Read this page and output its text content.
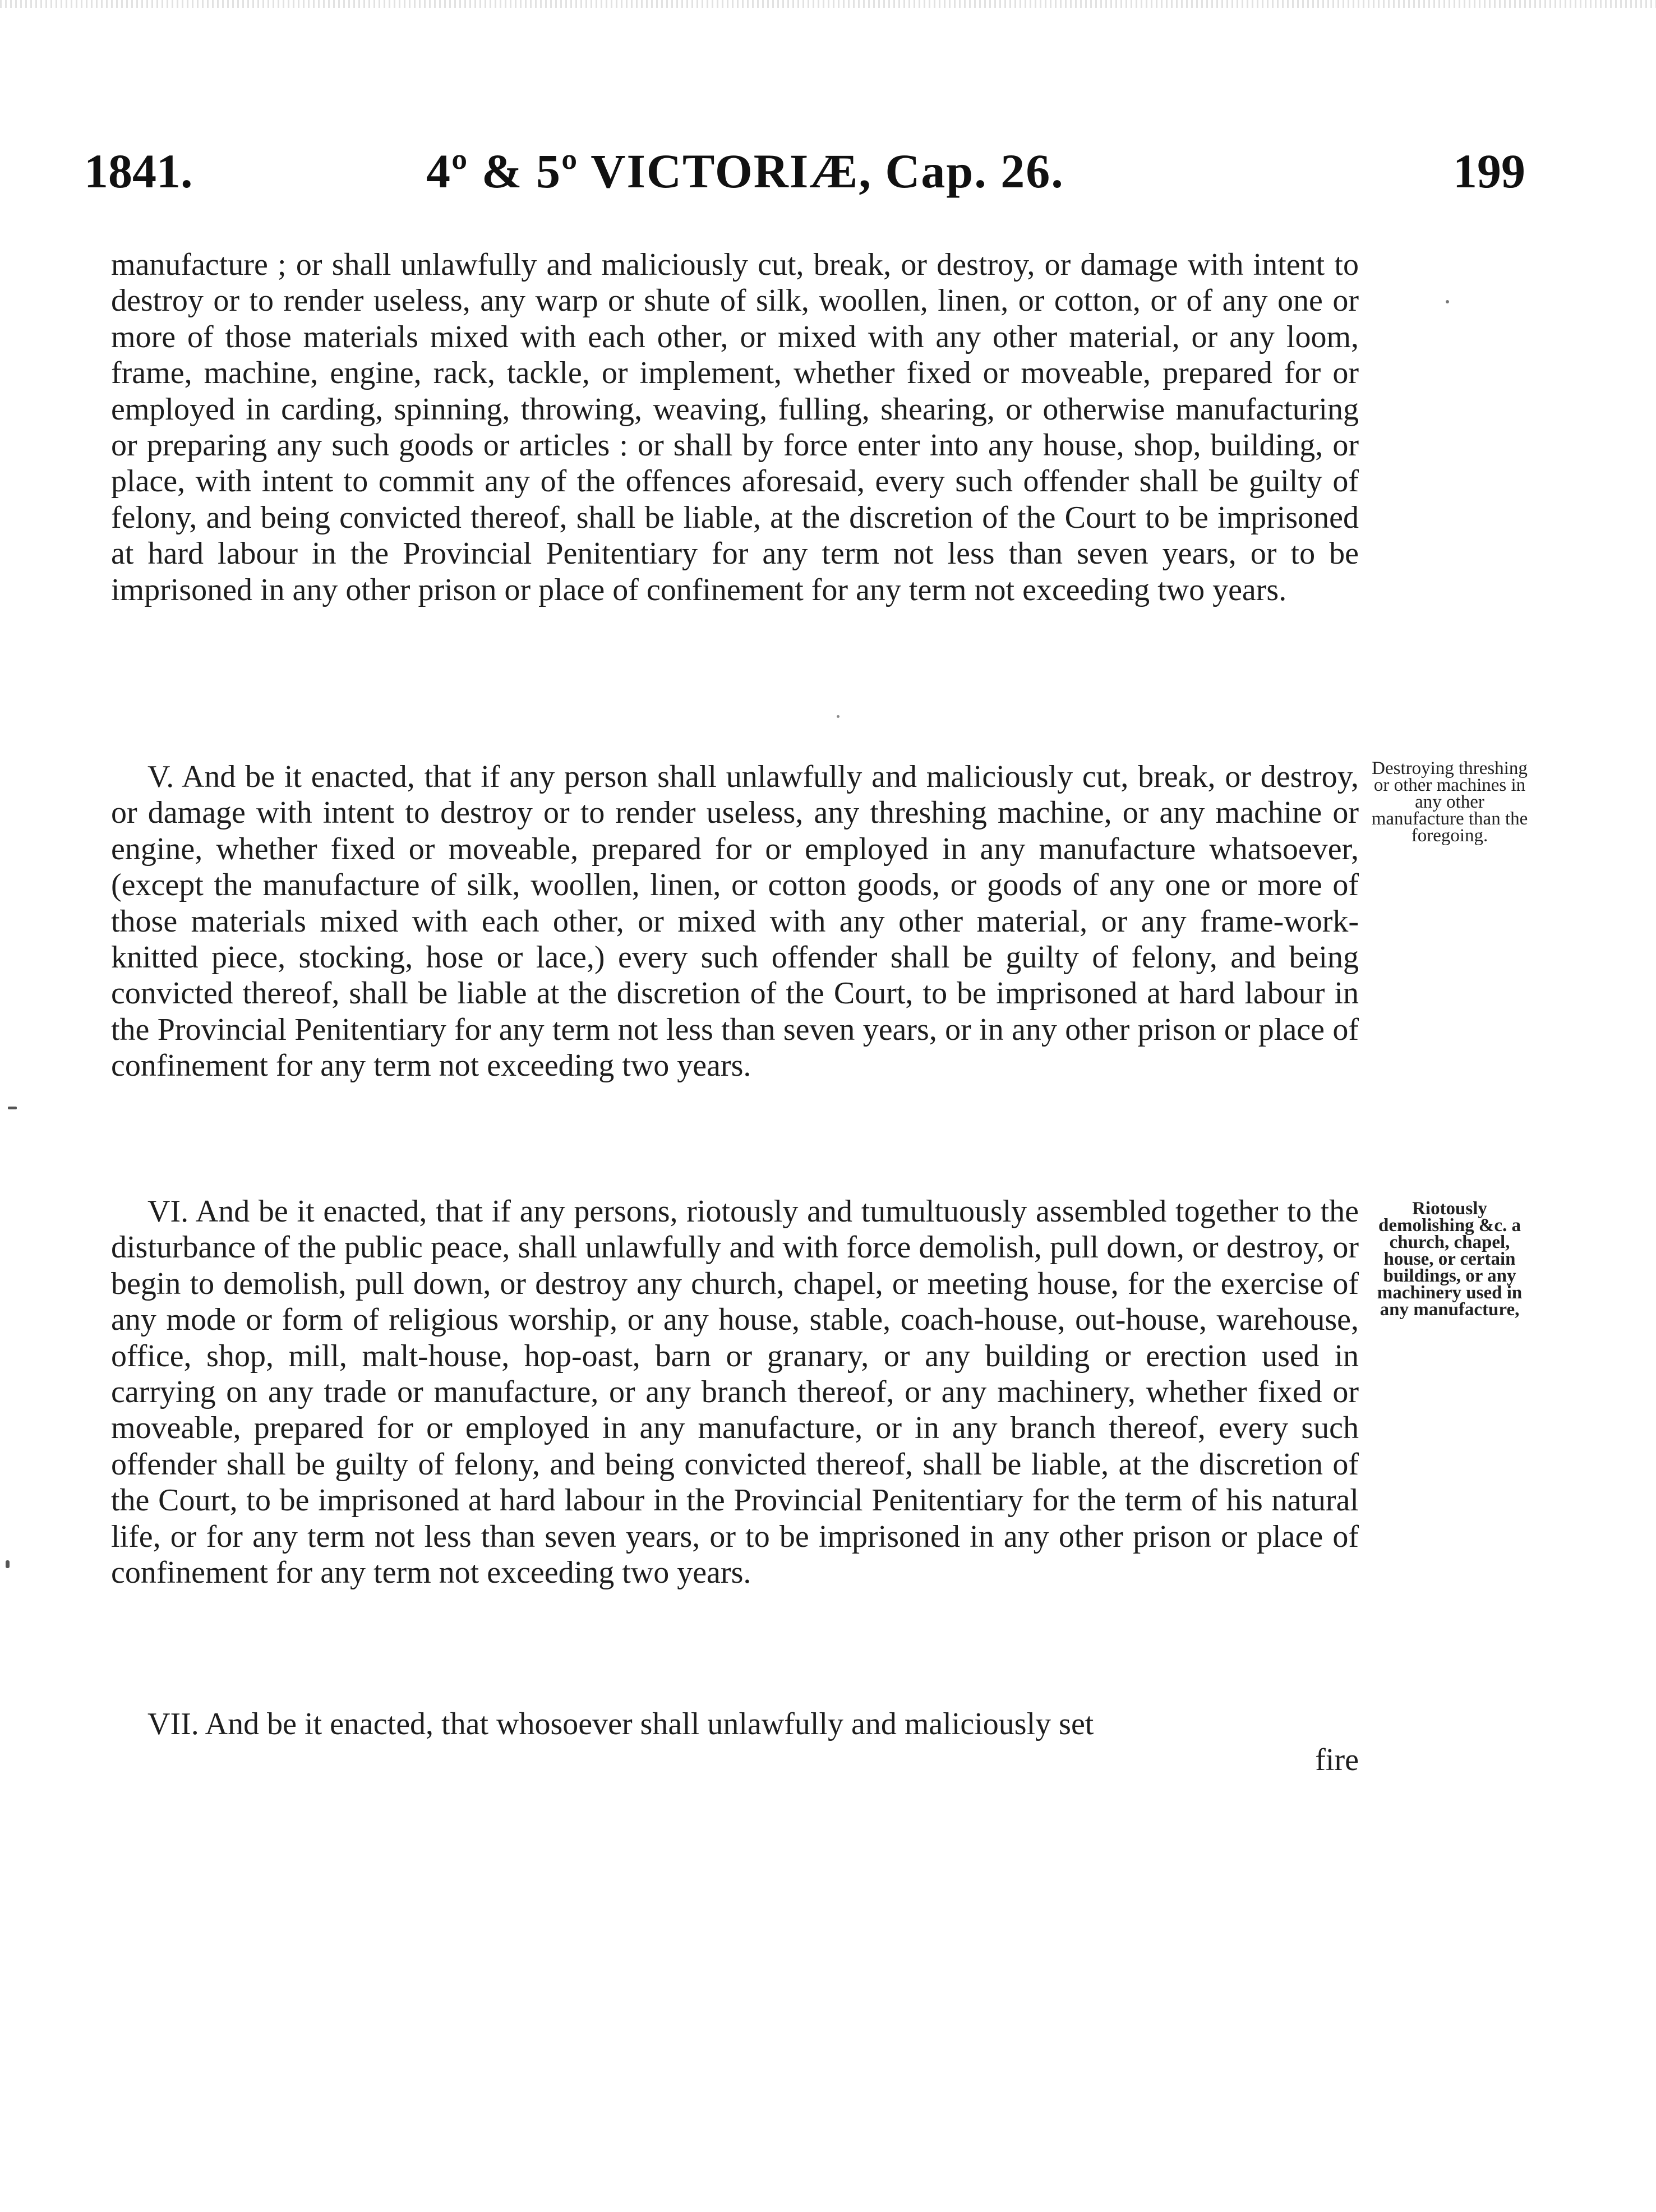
1841.	4º & 5º VICTORIÆ, Cap. 26.	199

manufacture ; or shall unlawfully and maliciously cut, break, or destroy, or damage with intent to destroy or to render useless, any warp or shute of silk, woollen, linen, or cotton, or of any one or more of those materials mixed with each other, or mixed with any other material, or any loom, frame, machine, engine, rack, tackle, or implement, whether fixed or moveable, prepared for or employed in carding, spinning, throwing, weaving, fulling, shearing, or otherwise manufacturing or preparing any such goods or articles : or shall by force enter into any house, shop, building, or place, with intent to commit any of the offences aforesaid, every such offender shall be guilty of felony, and being convicted thereof, shall be liable, at the discretion of the Court to be imprisoned at hard labour in the Provincial Penitentiary for any term not less than seven years, or to be imprisoned in any other prison or place of confinement for any term not exceeding two years.

V. And be it enacted, that if any person shall unlawfully and maliciously cut, break, or destroy, or damage with intent to destroy or to render useless, any threshing machine, or any machine or engine, whether fixed or moveable, prepared for or employed in any manufacture whatsoever, (except the manufacture of silk, woollen, linen, or cotton goods, or goods of any one or more of those materials mixed with each other, or mixed with any other material, or any frame-work-knitted piece, stocking, hose or lace,) every such offender shall be guilty of felony, and being convicted thereof, shall be liable at the discretion of the Court, to be imprisoned at hard labour in the Provincial Penitentiary for any term not less than seven years, or in any other prison or place of confinement for any term not exceeding two years.

VI. And be it enacted, that if any persons, riotously and tumultuously assembled together to the disturbance of the public peace, shall unlawfully and with force demolish, pull down, or destroy, or begin to demolish, pull down, or destroy any church, chapel, or meeting house, for the exercise of any mode or form of religious worship, or any house, stable, coach-house, out-house, warehouse, office, shop, mill, malt-house, hop-oast, barn or granary, or any building or erection used in carrying on any trade or manufacture, or any branch thereof, or any machinery, whether fixed or moveable, prepared for or employed in any manufacture, or in any branch thereof, every such offender shall be guilty of felony, and being convicted thereof, shall be liable, at the discretion of the Court, to be imprisoned at hard labour in the Provincial Penitentiary for the term of his natural life, or for any term not less than seven years, or to be imprisoned in any other prison or place of confinement for any term not exceeding two years.

VII. And be it enacted, that whosoever shall unlawfully and maliciously set
fire
Destroying threshing or other machines in any other manufacture than the foregoing.
Riotously demolishing &c. a church, chapel, house, or certain buildings, or any machinery used in any manufacture,
